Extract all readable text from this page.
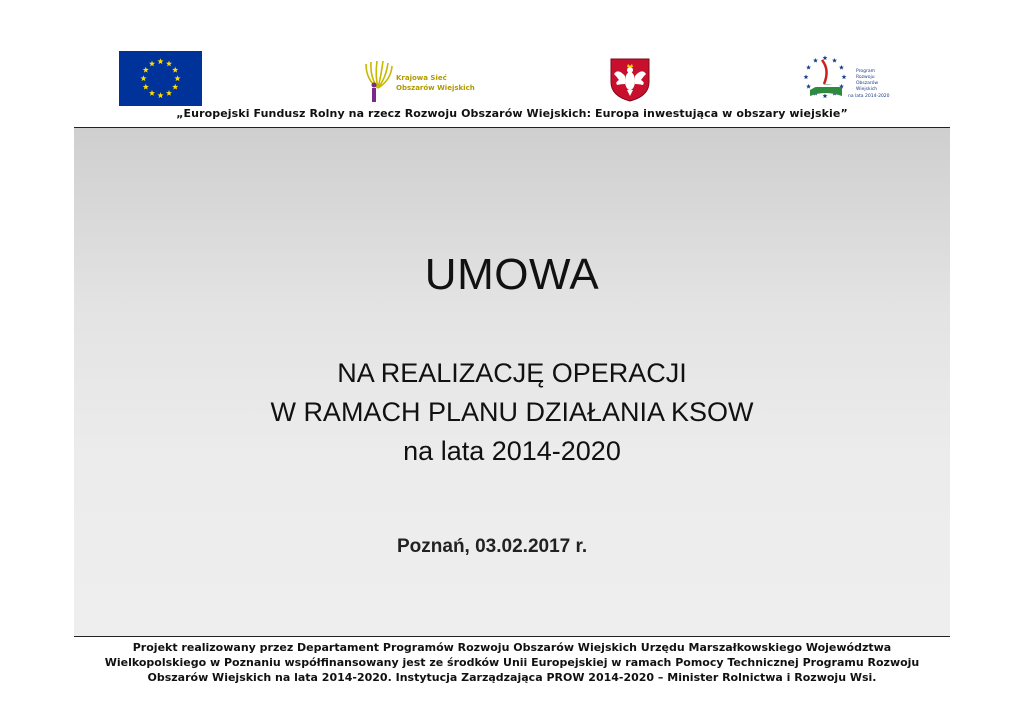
Krajowa Sieć
Obszarów Wiejskich
Program
Rozwoju
Obszarów
Wiejskich
na lata 2014-2020
„Europejski Fundusz Rolny na rzecz Rozwoju Obszarów Wiejskich: Europa inwestująca w obszary wiejskie”
UMOWA
NA REALIZACJĘ OPERACJI
W RAMACH PLANU DZIAŁANIA KSOW
na lata 2014-2020
Poznań, 03.02.2017 r.
Projekt realizowany przez Departament Programów Rozwoju Obszarów Wiejskich Urzędu Marszałkowskiego Województwa
Wielkopolskiego w Poznaniu współfinansowany jest ze środków Unii Europejskiej w ramach Pomocy Technicznej Programu Rozwoju
Obszarów Wiejskich na lata 2014-2020. Instytucja Zarządzająca PROW 2014-2020 – Minister Rolnictwa i Rozwoju Wsi.
